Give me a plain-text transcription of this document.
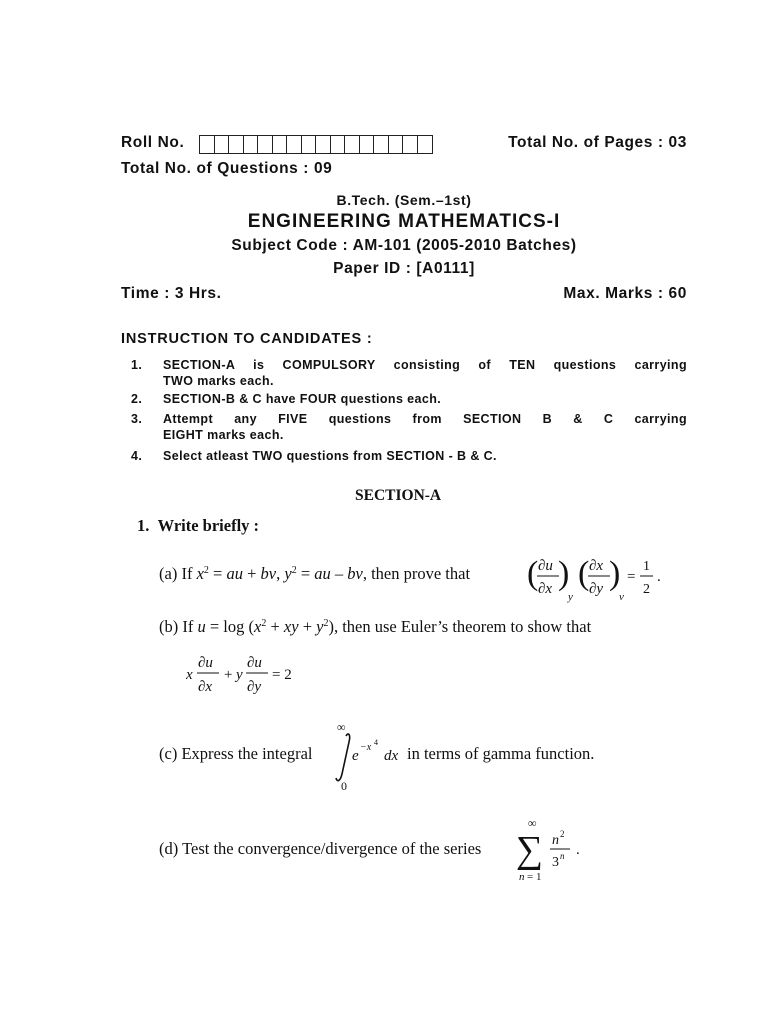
Roll No.	Total No. of Pages : 03
Total No. of Questions : 09
B.Tech. (Sem.–1st)
ENGINEERING MATHEMATICS-I
Subject Code : AM-101 (2005-2010 Batches)
Paper ID : [A0111]
Time : 3 Hrs.	Max. Marks : 60
INSTRUCTION TO CANDIDATES :
1. SECTION-A is COMPULSORY consisting of TEN questions carrying
TWO marks each.
2. SECTION-B & C have FOUR questions each.
3. Attempt any FIVE questions from SECTION B & C carrying
EIGHT marks each.
4. Select atleast TWO questions from SECTION - B & C.
SECTION-A
1. Write briefly :
(a) If $x^2$ = au + bv, $y^2$ = au – bv, then prove that ( ∂u
∂x )
y
( ∂x
∂y )
v
=
1
2
.
(b) If $u = \log (x^2$ + xy + $y^2$), then use Euler’s theorem to show that
x
∂u
∂x
+ y
∂u
∂y
= 2
(c) Express the integral
∞
0
e
−x 4
dx in terms of gamma function.
(d) Test the convergence/divergence of the series
∞
∑
n = 1
n 2
3 n .
